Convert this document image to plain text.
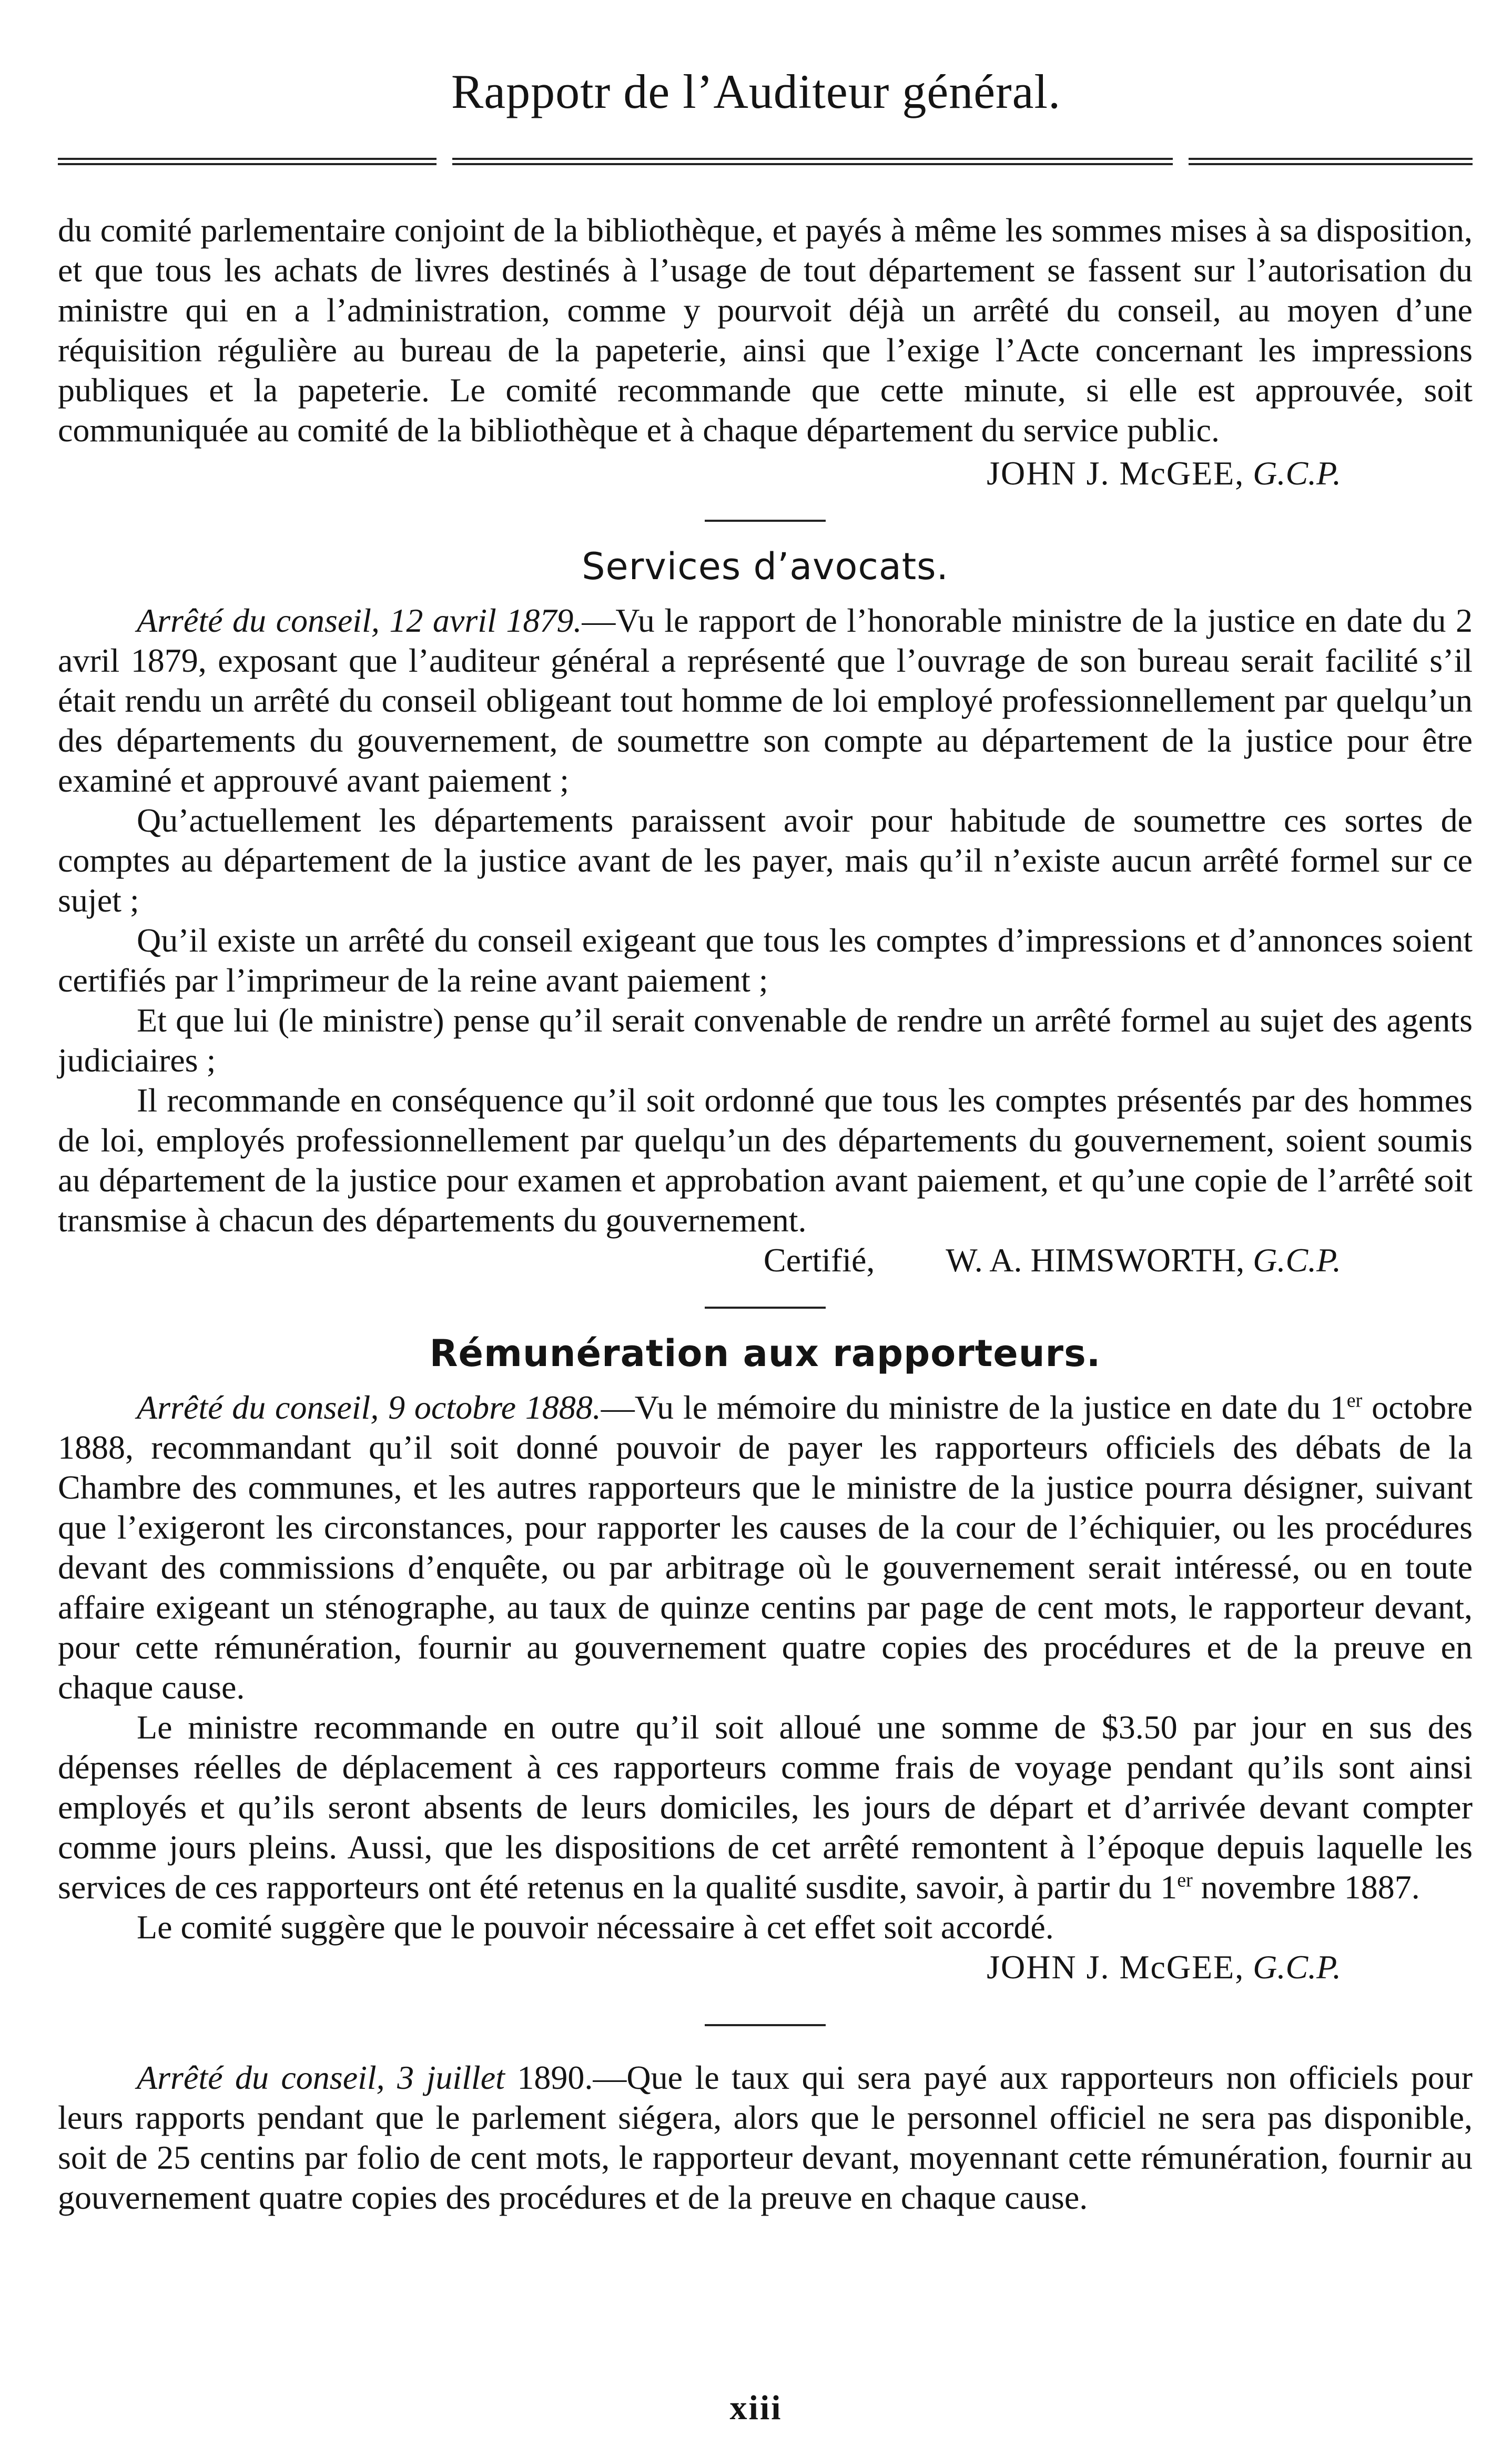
Rappotr de l’Auditeur général.

du comité parlementaire conjoint de la bibliothèque, et payés à même les sommes mises à sa disposition, et que tous les achats de livres destinés à l’usage de tout département se fassent sur l’autorisation du ministre qui en a l’administration, comme y pourvoit déjà un arrêté du conseil, au moyen d’une réquisition régulière au bureau de la papeterie, ainsi que l’exige l’Acte concernant les impressions publiques et la papeterie. Le comité recommande que cette minute, si elle est approuvée, soit communiquée au comité de la bibliothèque et à chaque département du service public.

JOHN J. McGEE, G.C.P.
Services d’avocats.

Arrêté du conseil, 12 avril 1879.—Vu le rapport de l’honorable ministre de la justice en date du 2 avril 1879, exposant que l’auditeur général a représenté que l’ouvrage de son bureau serait facilité s’il était rendu un arrêté du conseil obligeant tout homme de loi employé professionnellement par quelqu’un des départements du gouvernement, de soumettre son compte au département de la justice pour être examiné et approuvé avant paiement ;

Qu’actuellement les départements paraissent avoir pour habitude de soumettre ces sortes de comptes au département de la justice avant de les payer, mais qu’il n’existe aucun arrêté formel sur ce sujet ;

Qu’il existe un arrêté du conseil exigeant que tous les comptes d’impressions et d’annonces soient certifiés par l’imprimeur de la reine avant paiement ;

Et que lui (le ministre) pense qu’il serait convenable de rendre un arrêté formel au sujet des agents judiciaires ;

Il recommande en conséquence qu’il soit ordonné que tous les comptes présentés par des hommes de loi, employés professionnellement par quelqu’un des départements du gouvernement, soient soumis au département de la justice pour examen et approbation avant paiement, et qu’une copie de l’arrêté soit transmise à chacun des départements du gouvernement.

Certifié, W. A. HIMSWORTH, G.C.P.
Rémunération aux rapporteurs.

Arrêté du conseil, 9 octobre 1888.—Vu le mémoire du ministre de la justice en date du 1er octobre 1888, recommandant qu’il soit donné pouvoir de payer les rapporteurs officiels des débats de la Chambre des communes, et les autres rapporteurs que le ministre de la justice pourra désigner, suivant que l’exigeront les circonstances, pour rapporter les causes de la cour de l’échiquier, ou les procédures devant des commissions d’enquête, ou par arbitrage où le gouvernement serait intéressé, ou en toute affaire exigeant un sténographe, au taux de quinze centins par page de cent mots, le rapporteur devant, pour cette rémunération, fournir au gouvernement quatre copies des procédures et de la preuve en chaque cause.

Le ministre recommande en outre qu’il soit alloué une somme de $3.50 par jour en sus des dépenses réelles de déplacement à ces rapporteurs comme frais de voyage pendant qu’ils sont ainsi employés et qu’ils seront absents de leurs domiciles, les jours de départ et d’arrivée devant compter comme jours pleins. Aussi, que les dispositions de cet arrêté remontent à l’époque depuis laquelle les services de ces rapporteurs ont été retenus en la qualité susdite, savoir, à partir du 1er novembre 1887.

Le comité suggère que le pouvoir nécessaire à cet effet soit accordé.

JOHN J. McGEE, G.C.P.

Arrêté du conseil, 3 juillet 1890.—Que le taux qui sera payé aux rapporteurs non officiels pour leurs rapports pendant que le parlement siégera, alors que le personnel officiel ne sera pas disponible, soit de 25 centins par folio de cent mots, le rapporteur devant, moyennant cette rémunération, fournir au gouvernement quatre copies des procédures et de la preuve en chaque cause.

xiii
